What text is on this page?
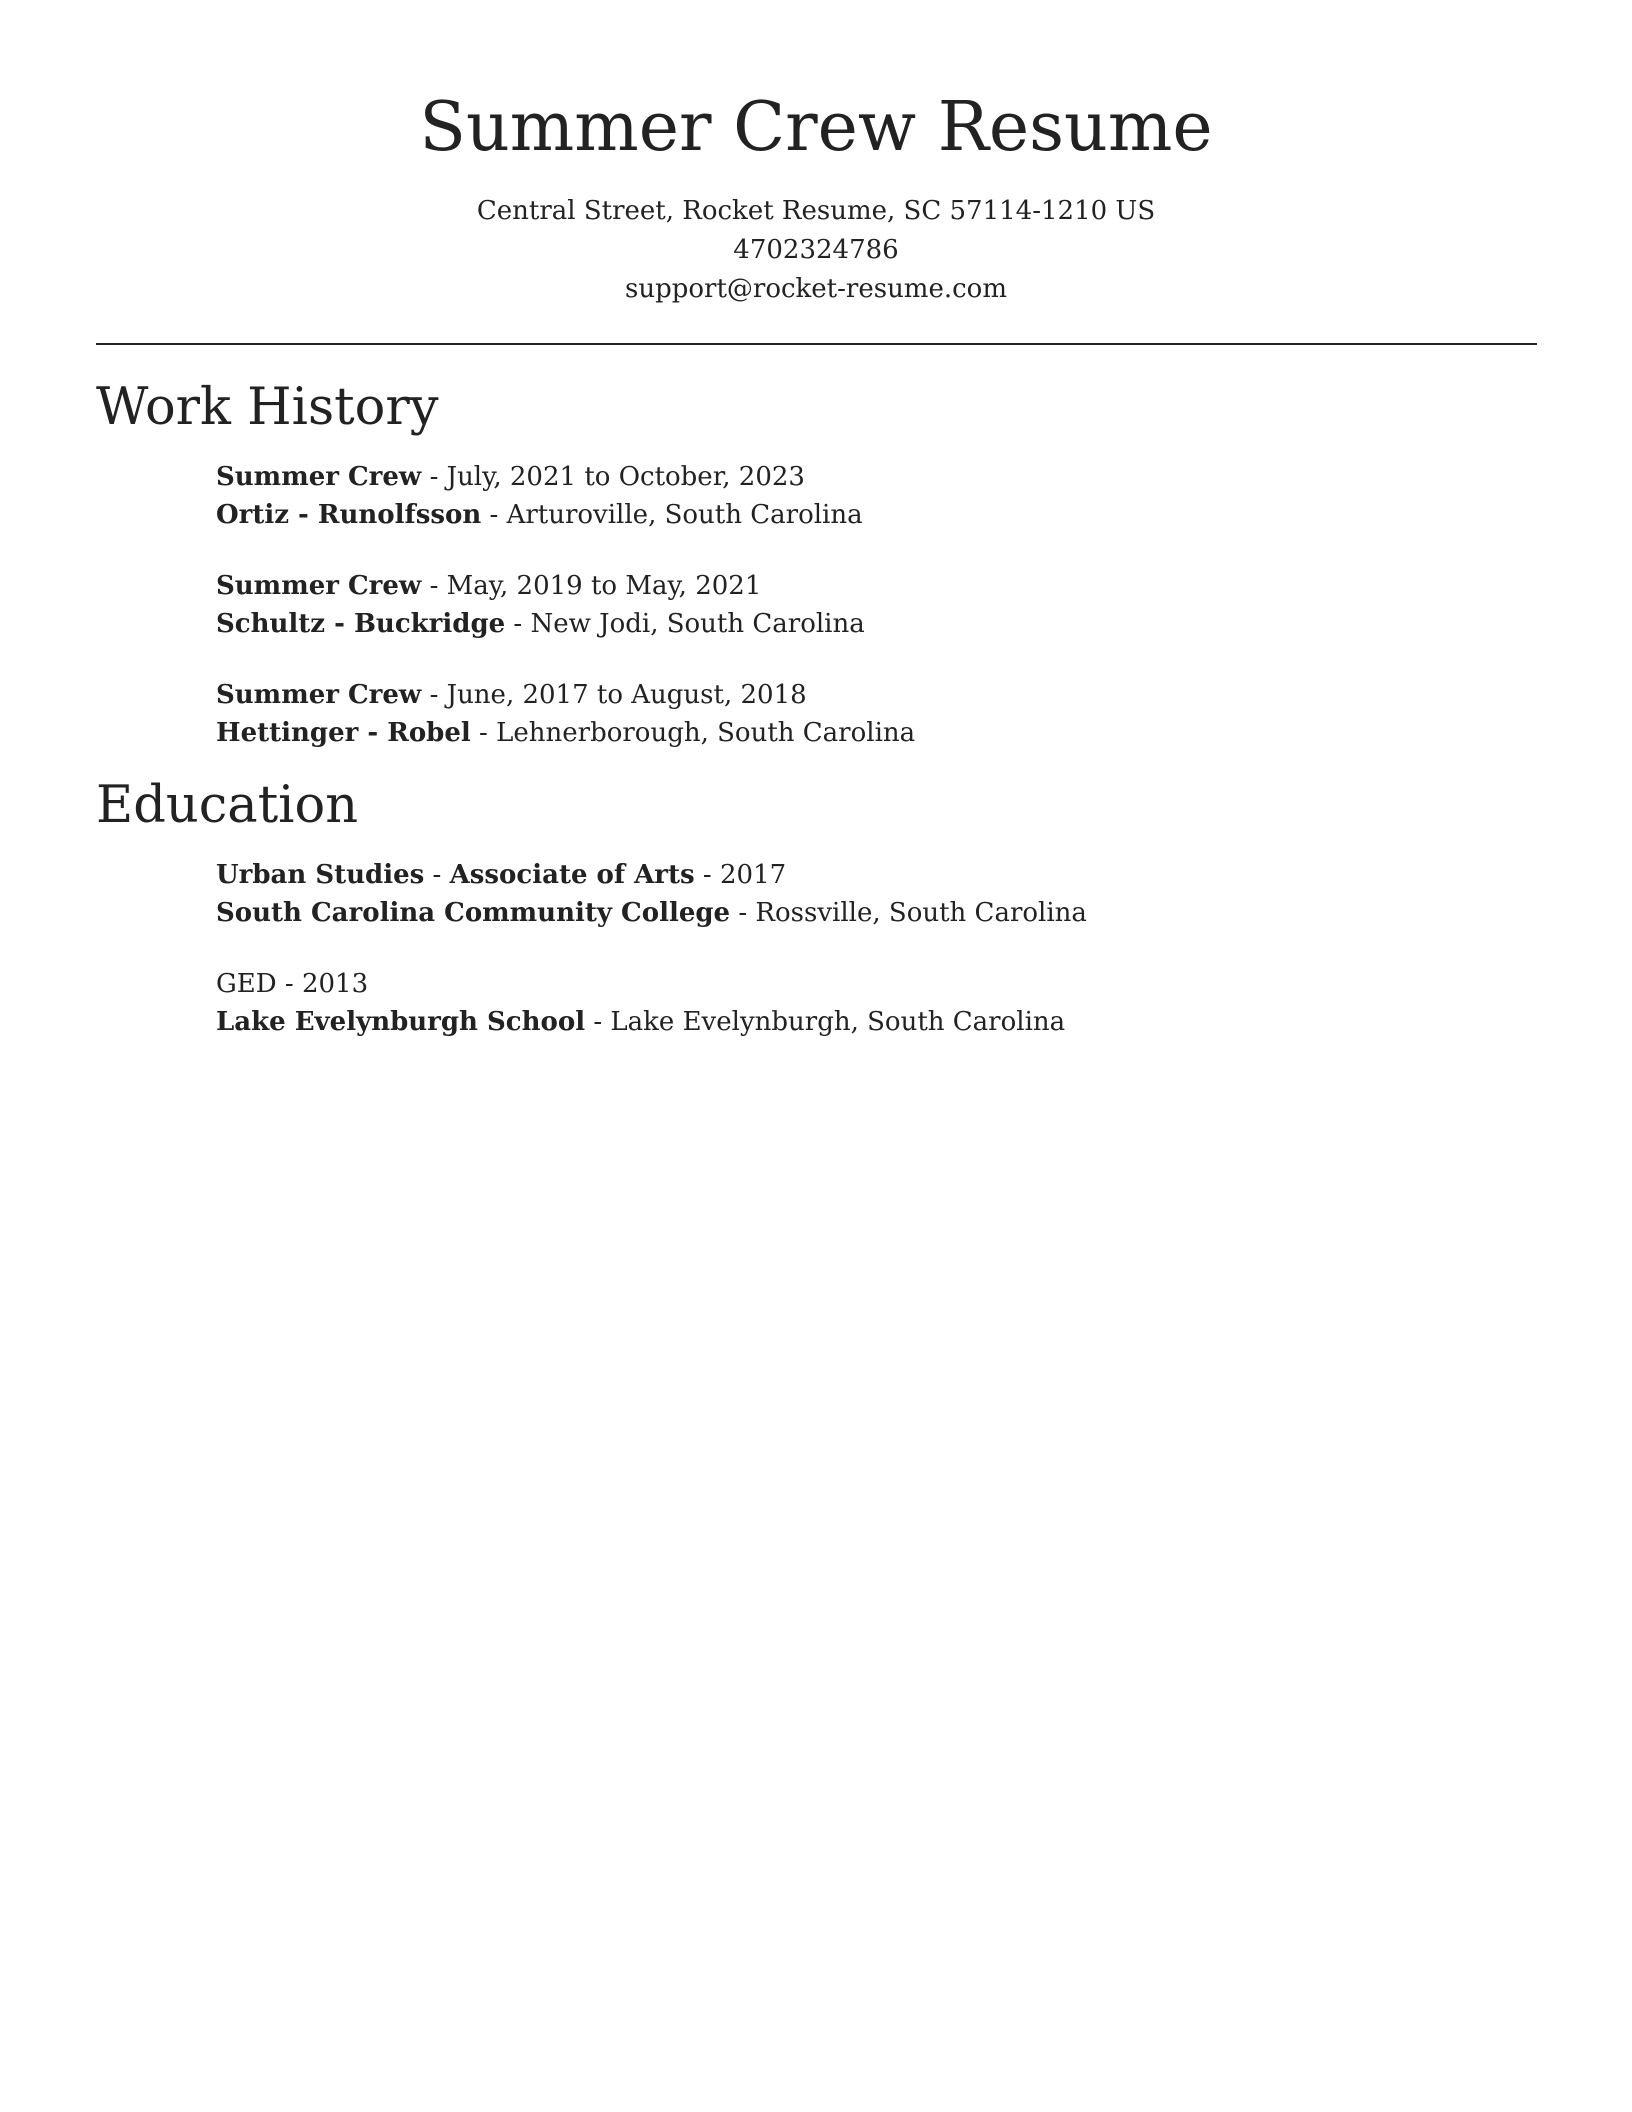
Summer Crew Resume
Central Street, Rocket Resume, SC 57114-1210 US
4702324786
support@rocket-resume.com
Work History
Summer Crew - July, 2021 to October, 2023
Ortiz - Runolfsson - Arturoville, South Carolina
Summer Crew - May, 2019 to May, 2021
Schultz - Buckridge - New Jodi, South Carolina
Summer Crew - June, 2017 to August, 2018
Hettinger - Robel - Lehnerborough, South Carolina
Education
Urban Studies - Associate of Arts - 2017
South Carolina Community College - Rossville, South Carolina
GED - 2013
Lake Evelynburgh School - Lake Evelynburgh, South Carolina
